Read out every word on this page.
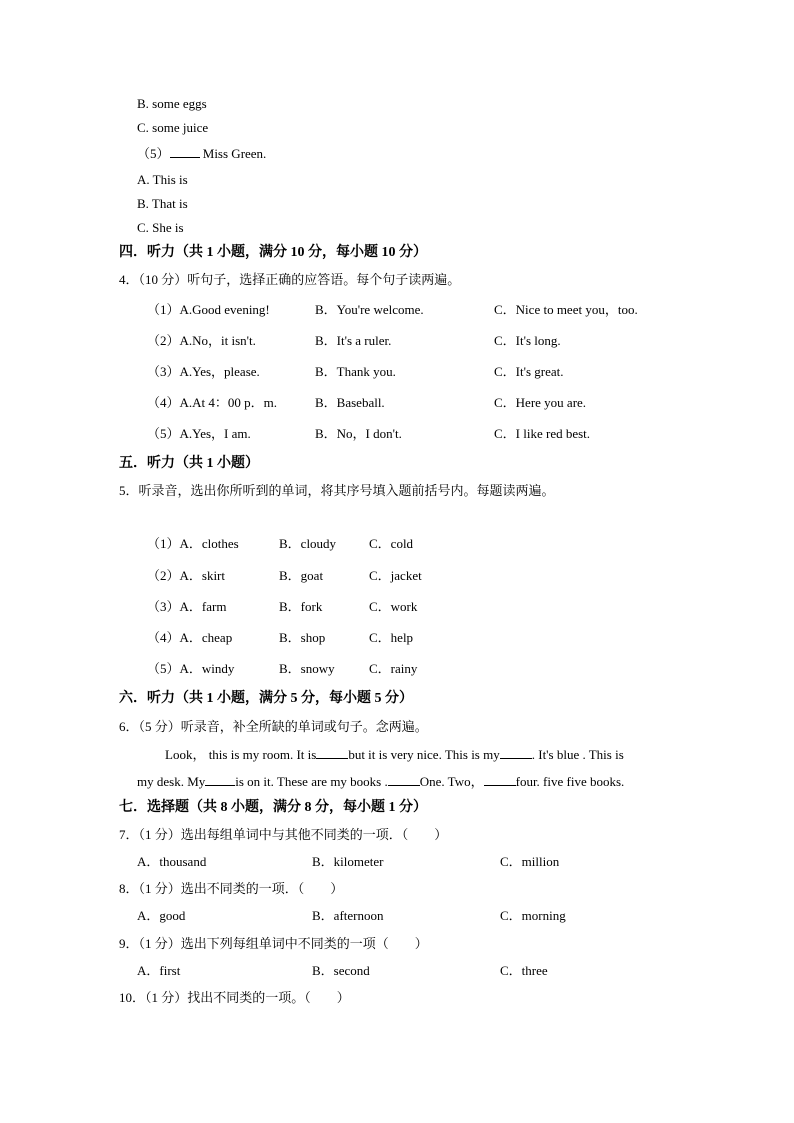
B. some eggs
C. some juice
（5） Miss Green.
A. This is
B. That is
C. She is
四．听力（共 1 小题，满分 10 分，每小题 10 分）
4．（10 分）听句子，选择正确的应答语。每个句子读两遍。
（1）A.Good evening!	B．You're welcome.	C．Nice to meet you，too.
（2）A.No，it isn't.	B．It's a ruler.	C．It's long.
（3）A.Yes，please.	B．Thank you.	C．It's great.
（4）A.At 4：00 p．m.	B．Baseball.	C．Here you are.
（5）A.Yes，I am.	B．No，I don't.	C．I like red best.
五．听力（共 1 小题）
5．听录音，选出你所听到的单词，将其序号填入题前括号内。每题读两遍。
（1）A．clothes	B．cloudy	C．cold
（2）A．skirt	B．goat	C．jacket
（3）A．farm	B．fork	C．work
（4）A．cheap	B．shop	C．help
（5）A．windy	B．snowy	C．rainy
六．听力（共 1 小题，满分 5 分，每小题 5 分）
6．（5 分）听录音，补全所缺的单词或句子。念两遍。
Look， this is my room. It is but it is very nice. This is my . It's blue . This is
my desk. My is on it. These are my books . One. Two， four. five five books.
七．选择题（共 8 小题，满分 8 分，每小题 1 分）
7．（1 分）选出每组单词中与其他不同类的一项．（　　）
A．thousand	B．kilometer	C．million
8．（1 分）选出不同类的一项．（　　）
A．good	B．afternoon	C．morning
9．（1 分）选出下列每组单词中不同类的一项（　　）
A．first	B．second	C．three
10．（1 分）找出不同类的一项。（　　）
